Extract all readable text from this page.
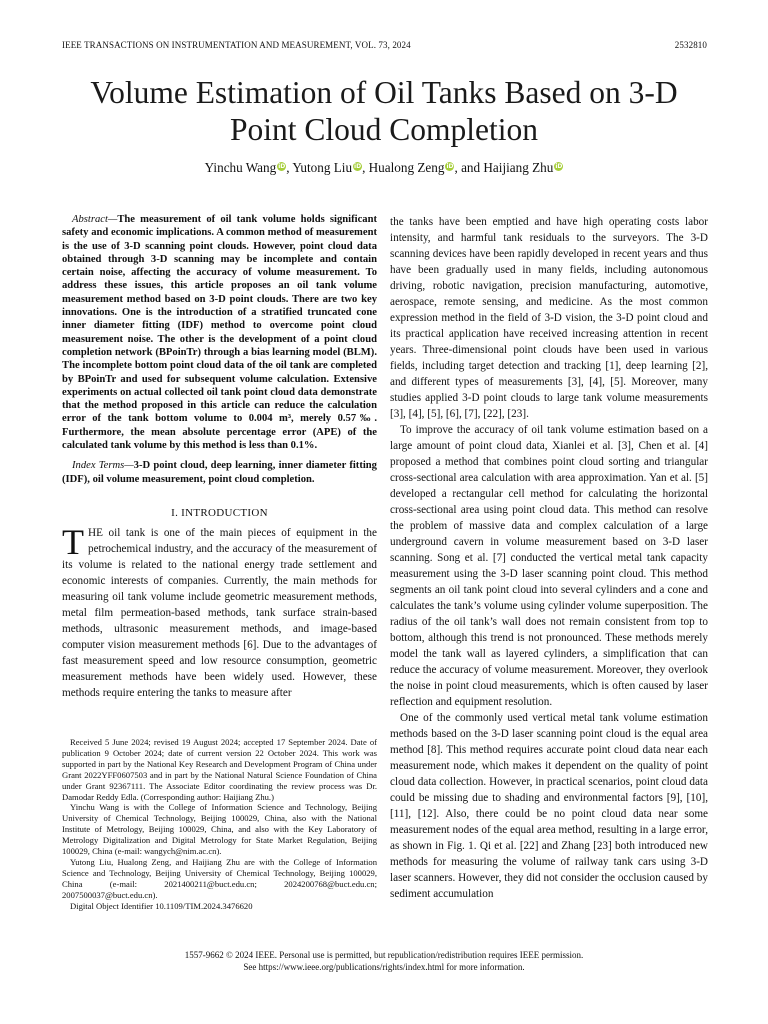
IEEE TRANSACTIONS ON INSTRUMENTATION AND MEASUREMENT, VOL. 73, 2024	2532810
Volume Estimation of Oil Tanks Based on 3-D
Point Cloud Completion
Yinchu Wang iD, Yutong Liu iD, Hualong Zeng iD, and Haijiang Zhu iD

Abstract—The measurement of oil tank volume holds significant safety and economic implications. A common method of measurement is the use of 3-D scanning point clouds. However, point cloud data obtained through 3-D scanning may be incomplete and contain certain noise, affecting the accuracy of volume measurement. To address these issues, this article proposes an oil tank volume measurement method based on 3-D point clouds. There are two key innovations. One is the introduction of a stratified truncated cone inner diameter fitting (IDF) method to overcome point cloud measurement noise. The other is the development of a point cloud completion network (BPoinTr) through a bias learning model (BLM). The incomplete bottom point cloud data of the oil tank are completed by BPoinTr and used for subsequent volume calculation. Extensive experiments on actual collected oil tank point cloud data demonstrate that the method proposed in this article can reduce the calculation error of the tank bottom volume to 0.004 m³, merely 0.57‰. Furthermore, the mean absolute percentage error (APE) of the calculated tank volume by this method is less than 0.1%.

Index Terms—3-D point cloud, deep learning, inner diameter fitting (IDF), oil volume measurement, point cloud completion.

I. INTRODUCTION

THE oil tank is one of the main pieces of equipment in the petrochemical industry, and the accuracy of the measurement of its volume is related to the national energy trade settlement and economic interests of companies. Currently, the main methods for measuring oil tank volume include geometric measurement methods, metal film permeation-based methods, tank surface strain-based methods, ultrasonic measurement methods, and image-based computer vision measurement methods [6]. Due to the advantages of fast measurement speed and low resource consumption, geometric measurement methods have been widely used. However, these methods require entering the tanks to measure after

Received 5 June 2024; revised 19 August 2024; accepted 17 September 2024. Date of publication 9 October 2024; date of current version 22 October 2024. This work was supported in part by the National Key Research and Development Program of China under Grant 2022YFF0607503 and in part by the National Natural Science Foundation of China under Grant 92367111. The Associate Editor coordinating the review process was Dr. Damodar Reddy Edla. (Corresponding author: Haijiang Zhu.)

Yinchu Wang is with the College of Information Science and Technology, Beijing University of Chemical Technology, Beijing 100029, China, also with the National Institute of Metrology, Beijing 100029, China, and also with the Key Laboratory of Metrology Digitalization and Digital Metrology for State Market Regulation, Beijing 100029, China (e-mail: wangych@nim.ac.cn).

Yutong Liu, Hualong Zeng, and Haijiang Zhu are with the College of Information Science and Technology, Beijing University of Chemical Technology, Beijing 100029, China (e-mail: 2021400211@buct.edu.cn; 2024200768@buct.edu.cn; 2007500037@buct.edu.cn).

Digital Object Identifier 10.1109/TIM.2024.3476620

the tanks have been emptied and have high operating costs labor intensity, and harmful tank residuals to the surveyors. The 3-D scanning devices have been rapidly developed in recent years and thus have been gradually used in many fields, including autonomous driving, robotic navigation, precision manufacturing, automotive, aerospace, remote sensing, and medicine. As the most common expression method in the field of 3-D vision, the 3-D point cloud and its practical application have received increasing attention in recent years. Three-dimensional point clouds have been used in various fields, including target detection and tracking [1], deep learning [2], and different types of measurements [3], [4], [5]. Moreover, many studies applied 3-D point clouds to large tank volume measurements [3], [4], [5], [6], [7], [22], [23].

To improve the accuracy of oil tank volume estimation based on a large amount of point cloud data, Xianlei et al. [3], Chen et al. [4] proposed a method that combines point cloud sorting and triangular cross-sectional area calculation with area approximation. Yan et al. [5] developed a rectangular cell method for calculating the horizontal cross-sectional area using point cloud data. This method can resolve the problem of massive data and complex calculation of a large underground cavern in volume measurement based on 3-D laser scanning. Song et al. [7] conducted the vertical metal tank capacity measurement using the 3-D laser scanning point cloud. This method segments an oil tank point cloud into several cylinders and a cone and calculates the tank’s volume using cylinder volume superposition. The radius of the oil tank’s wall does not remain consistent from top to bottom, although this trend is not pronounced. These methods merely model the tank wall as layered cylinders, a simplification that can reduce the accuracy of volume measurement. Moreover, they overlook the noise in point cloud measurements, which is often caused by laser reflection and equipment resolution.

One of the commonly used vertical metal tank volume estimation methods based on the 3-D laser scanning point cloud is the equal area method [8]. This method requires accurate point cloud data near each measurement node, which makes it dependent on the quality of point cloud data collection. However, in practical scenarios, point cloud data could be missing due to shading and environmental factors [9], [10], [11], [12]. Also, there could be no point cloud data near some measurement nodes of the equal area method, resulting in a large error, as shown in Fig. 1. Qi et al. [22] and Zhang [23] both introduced new methods for measuring the volume of railway tank cars using 3-D laser scanners. However, they did not consider the occlusion caused by sediment accumulation

1557-9662 © 2024 IEEE. Personal use is permitted, but republication/redistribution requires IEEE permission.
See https://www.ieee.org/publications/rights/index.html for more information.
